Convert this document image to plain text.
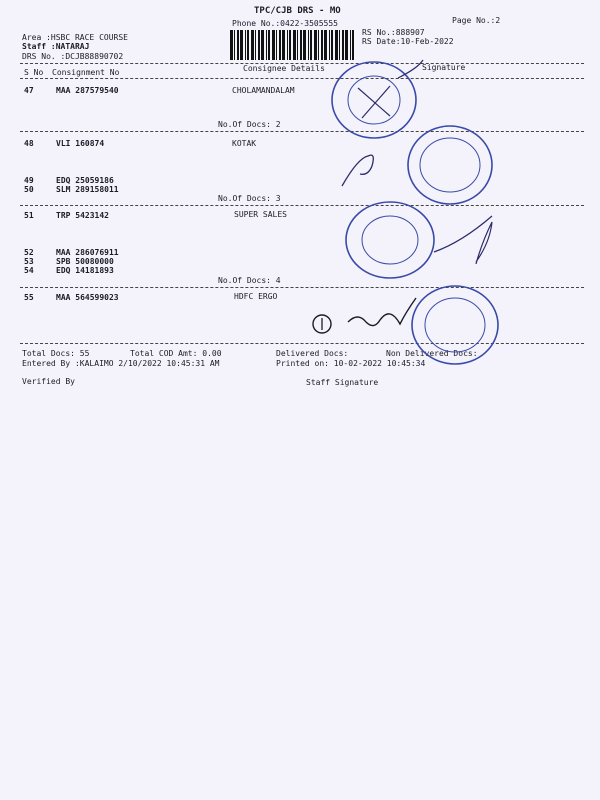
TPC/CJB DRS - MO
Phone No.:0422-3505555	Page No.:2
Area :HSBC RACE COURSE
Staff :NATARAJ
DRS No. :DCJB88890702
RS No.:888907
RS Date:10-Feb-2022
S No Consignment No	Consignee Details	Signature
47	MAA 287579540	CHOLAMANDALAM
No.Of Docs: 2
48	VLI 160874	KOTAK
49	EDQ 25059186
50	SLM 289158011
No.Of Docs: 3
51	TRP 5423142	SUPER SALES
52	MAA 286076911
53	SPB 50080000
54	EDQ 14181893
No.Of Docs: 4
55	MAA 564599023	HDFC ERGO
Total Docs: 55	Total COD Amt: 0.00	Delivered Docs:	Non Delivered Docs:
Entered By :KALAIMO 2/10/2022 10:45:31 AM	Printed on: 10-02-2022 10:45:34
Verified By	Staff Signature
